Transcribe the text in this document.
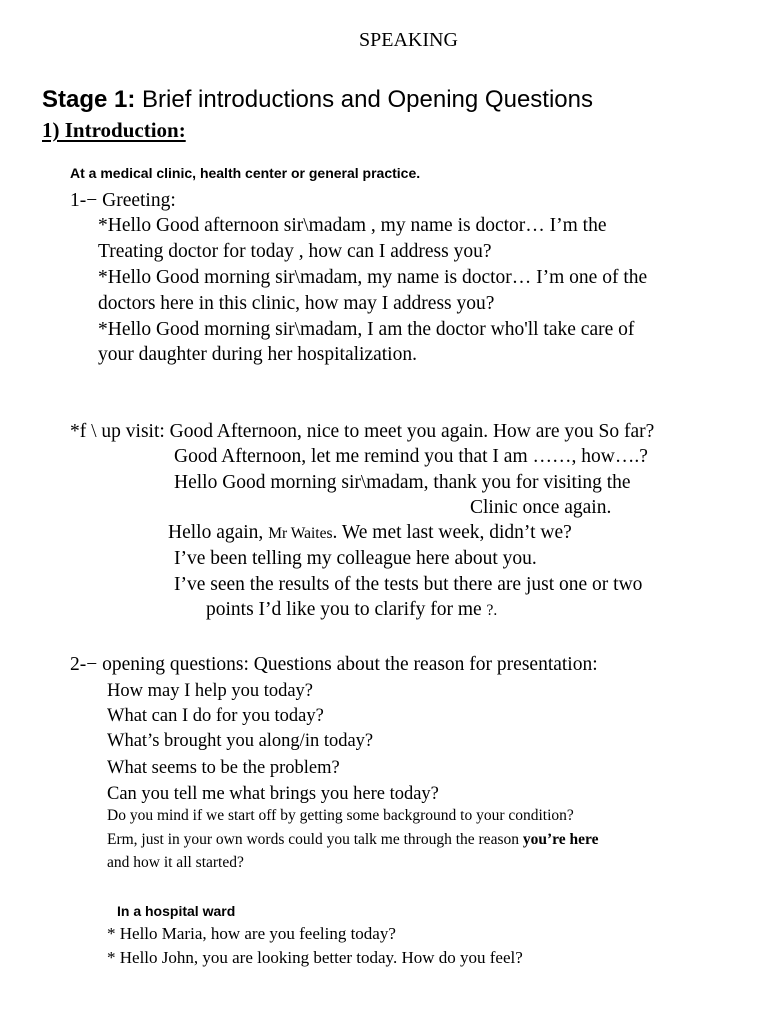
SPEAKING
Stage 1: Brief introductions and Opening Questions
1) Introduction:
At a medical clinic, health center or general practice.
1-− Greeting:
*Hello Good afternoon sir\madam , my name is doctor… I’m the
Treating doctor for today , how can I address you?
*Hello Good morning sir\madam, my name is doctor… I’m one of the
doctors here in this clinic, how may I address you?
*Hello Good morning sir\madam, I am the doctor who'll take care of
your daughter during her hospitalization.
*f \ up visit: Good Afternoon, nice to meet you again. How are you So far?
Good Afternoon, let me remind you that I am ……, how….?
Hello Good morning sir\madam, thank you for visiting the
Clinic once again.
Hello again, Mr Waites. We met last week, didn’t we?
I’ve been telling my colleague here about you.
I’ve seen the results of the tests but there are just one or two
points I’d like you to clarify for me ?.
2-− opening questions: Questions about the reason for presentation:
How may I help you today?
What can I do for you today?
What’s brought you along/in today?
What seems to be the problem?
Can you tell me what brings you here today?
Do you mind if we start off by getting some background to your condition?
Erm, just in your own words could you talk me through the reason you’re here
and how it all started?
In a hospital ward
* Hello Maria, how are you feeling today?
* Hello John, you are looking better today. How do you feel?
